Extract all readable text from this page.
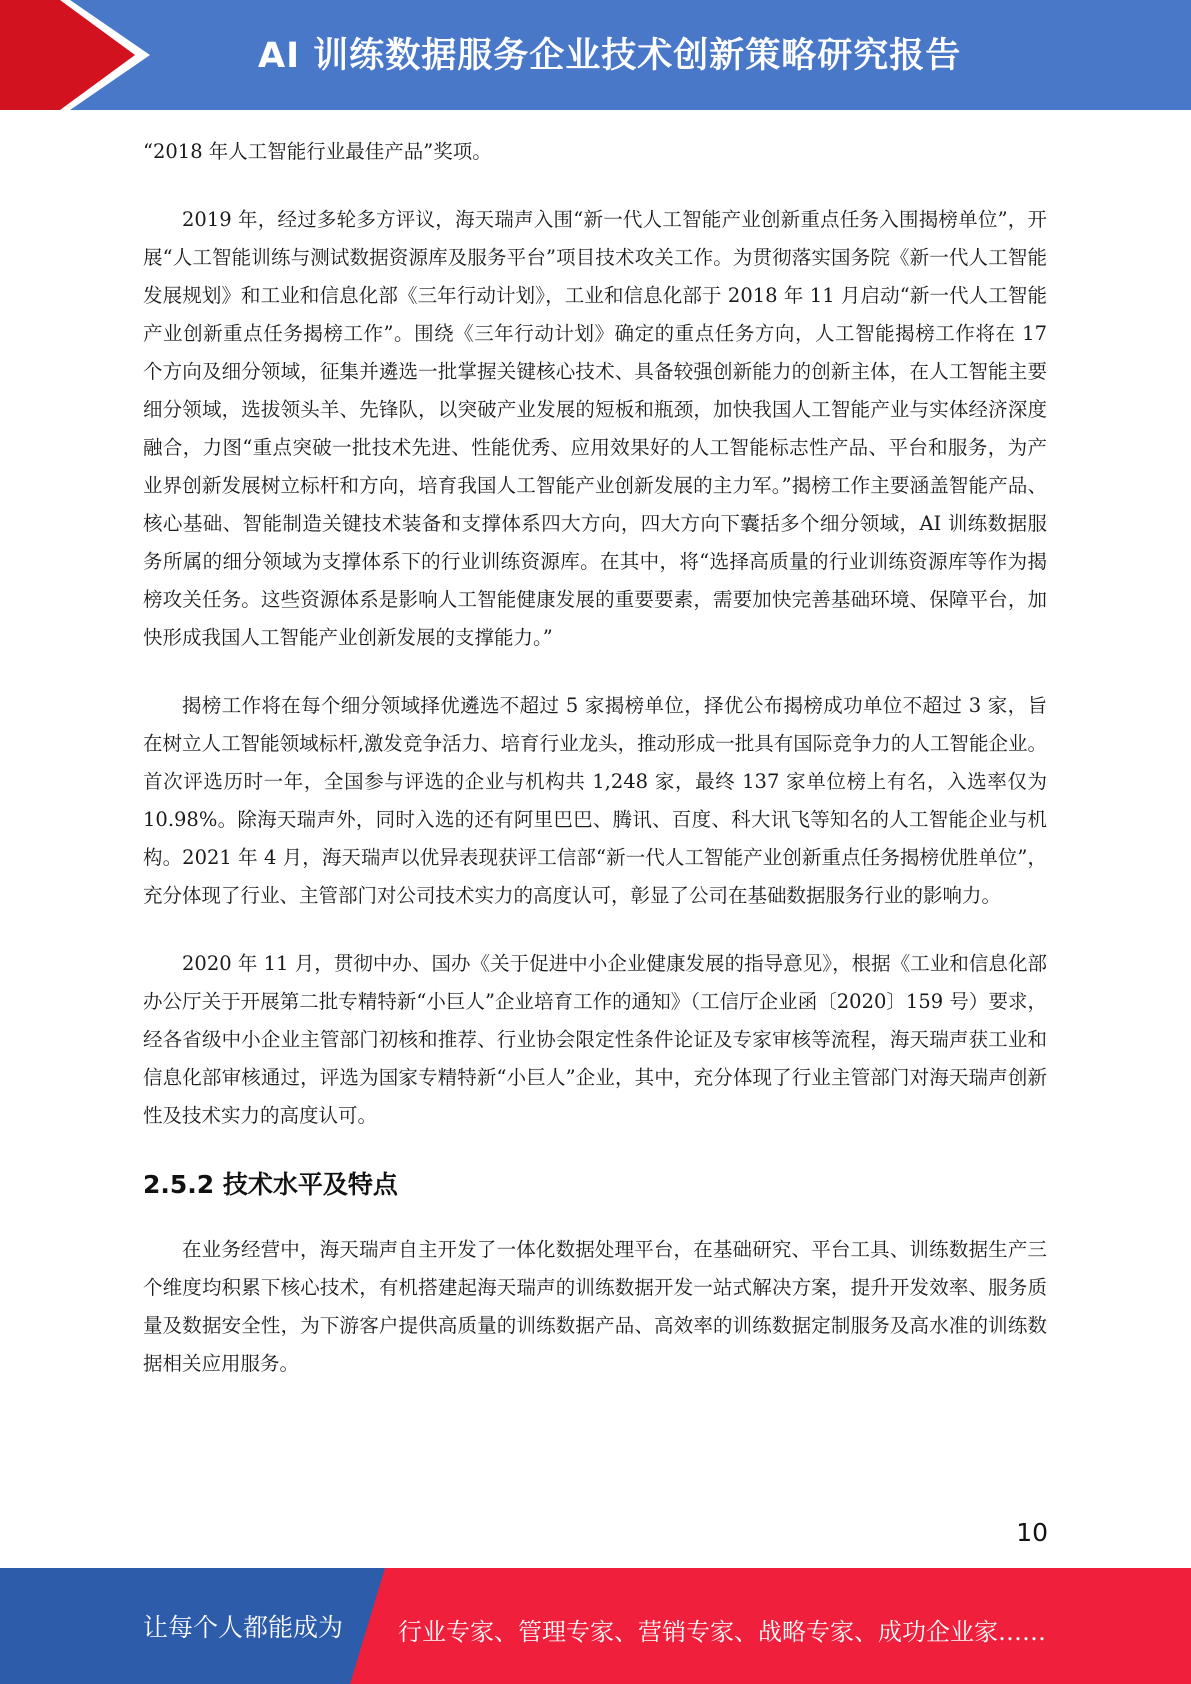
AI 训练数据服务企业技术创新策略研究报告

“2018 年人工智能行业最佳产品”奖项。

2019 年，经过多轮多方评议，海天瑞声入围“新一代人工智能产业创新重点任务入围揭榜单位”，开展“人工智能训练与测试数据资源库及服务平台”项目技术攻关工作。为贯彻落实国务院《新一代人工智能发展规划》和工业和信息化部《三年行动计划》，工业和信息化部于 2018 年 11 月启动“新一代人工智能产业创新重点任务揭榜工作”。围绕《三年行动计划》确定的重点任务方向，人工智能揭榜工作将在 17 个方向及细分领域，征集并遴选一批掌握关键核心技术、具备较强创新能力的创新主体，在人工智能主要细分领域，选拔领头羊、先锋队，以突破产业发展的短板和瓶颈，加快我国人工智能产业与实体经济深度融合，力图“重点突破一批技术先进、性能优秀、应用效果好的人工智能标志性产品、平台和服务，为产业界创新发展树立标杆和方向，培育我国人工智能产业创新发展的主力军。”揭榜工作主要涵盖智能产品、核心基础、智能制造关键技术装备和支撑体系四大方向，四大方向下囊括多个细分领域，AI 训练数据服务所属的细分领域为支撑体系下的行业训练资源库。在其中，将“选择高质量的行业训练资源库等作为揭榜攻关任务。这些资源体系是影响人工智能健康发展的重要要素，需要加快完善基础环境、保障平台，加快形成我国人工智能产业创新发展的支撑能力。”

揭榜工作将在每个细分领域择优遴选不超过 5 家揭榜单位，择优公布揭榜成功单位不超过 3 家，旨在树立人工智能领域标杆,激发竞争活力、培育行业龙头，推动形成一批具有国际竞争力的人工智能企业。首次评选历时一年，全国参与评选的企业与机构共 1,248 家，最终 137 家单位榜上有名，入选率仅为 10.98%。除海天瑞声外，同时入选的还有阿里巴巴、腾讯、百度、科大讯飞等知名的人工智能企业与机构。2021 年 4 月，海天瑞声以优异表现获评工信部“新一代人工智能产业创新重点任务揭榜优胜单位”，充分体现了行业、主管部门对公司技术实力的高度认可，彰显了公司在基础数据服务行业的影响力。

2020 年 11 月，贯彻中办、国办《关于促进中小企业健康发展的指导意见》，根据《工业和信息化部办公厅关于开展第二批专精特新“小巨人”企业培育工作的通知》（工信厅企业函〔2020〕159 号）要求，经各省级中小企业主管部门初核和推荐、行业协会限定性条件论证及专家审核等流程，海天瑞声获工业和信息化部审核通过，评选为国家专精特新“小巨人”企业，其中，充分体现了行业主管部门对海天瑞声创新性及技术实力的高度认可。

2.5.2 技术水平及特点

在业务经营中，海天瑞声自主开发了一体化数据处理平台，在基础研究、平台工具、训练数据生产三个维度均积累下核心技术，有机搭建起海天瑞声的训练数据开发一站式解决方案，提升开发效率、服务质量及数据安全性，为下游客户提供高质量的训练数据产品、高效率的训练数据定制服务及高水准的训练数据相关应用服务。

10
让每个人都能成为 行业专家、管理专家、营销专家、战略专家、成功企业家……
